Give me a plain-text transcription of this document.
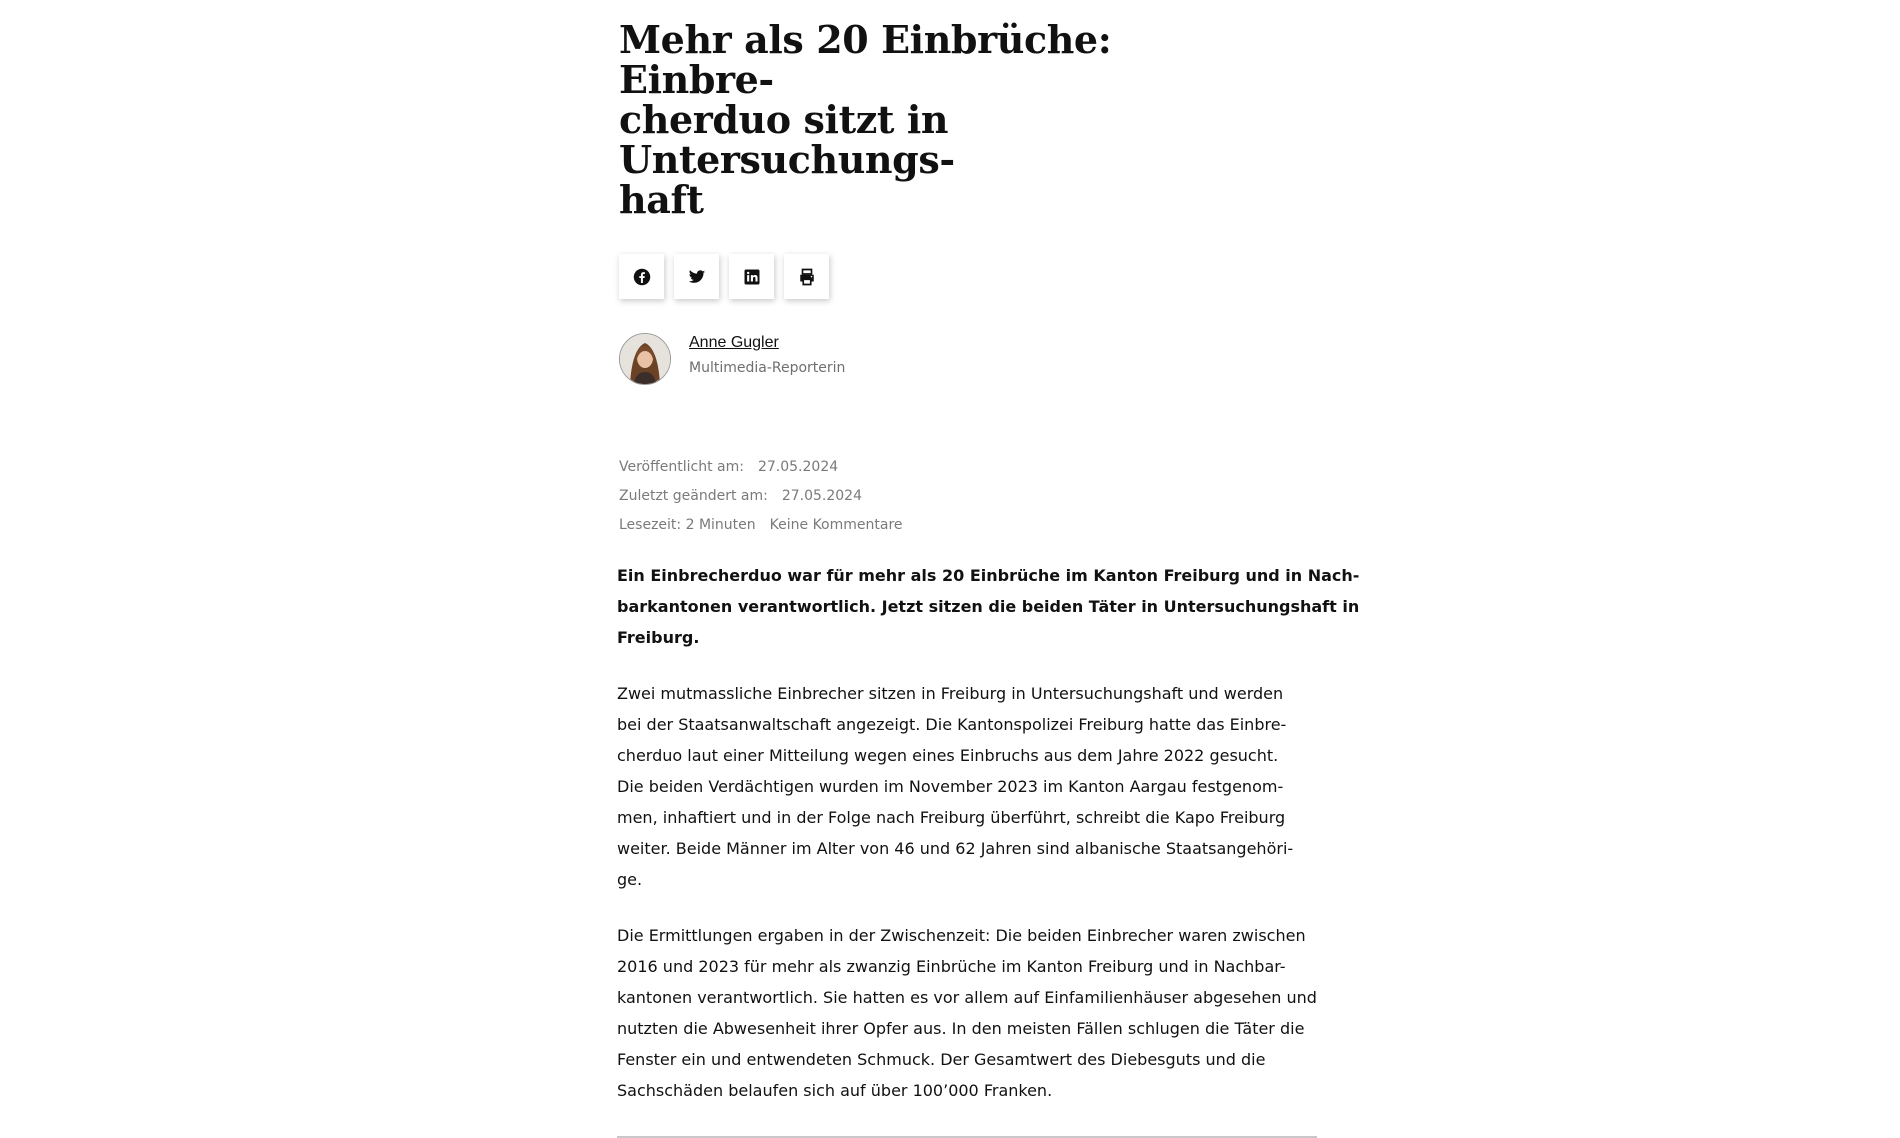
Mehr als 20 Einbrüche: Einbre-
cherduo sitzt in Untersuchungs-
haft
Anne Gugler
Multimedia-Reporterin
Veröffentlicht am: 27.05.2024
Zuletzt geändert am: 27.05.2024
Lesezeit: 2 Minuten Keine Kommentare
Ein Einbrecherduo war für mehr als 20 Einbrüche im Kanton Freiburg und in Nach-
barkantonen verantwortlich. Jetzt sitzen die beiden Täter in Untersuchungshaft in
Freiburg.
Zwei mutmassliche Einbrecher sitzen in Freiburg in Untersuchungshaft und werden
bei der Staatsanwaltschaft angezeigt. Die Kantonspolizei Freiburg hatte das Einbre-
cherduo laut einer Mitteilung wegen eines Einbruchs aus dem Jahre 2022 gesucht.
Die beiden Verdächtigen wurden im November 2023 im Kanton Aargau festgenom-
men, inhaftiert und in der Folge nach Freiburg überführt, schreibt die Kapo Freiburg
weiter. Beide Männer im Alter von 46 und 62 Jahren sind albanische Staatsangehöri-
ge.
Die Ermittlungen ergaben in der Zwischenzeit: Die beiden Einbrecher waren zwischen
2016 und 2023 für mehr als zwanzig Einbrüche im Kanton Freiburg und in Nachbar-
kantonen verantwortlich. Sie hatten es vor allem auf Einfamilienhäuser abgesehen und
nutzten die Abwesenheit ihrer Opfer aus. In den meisten Fällen schlugen die Täter die
Fenster ein und entwendeten Schmuck. Der Gesamtwert des Diebesguts und die
Sachschäden belaufen sich auf über 100’000 Franken.
